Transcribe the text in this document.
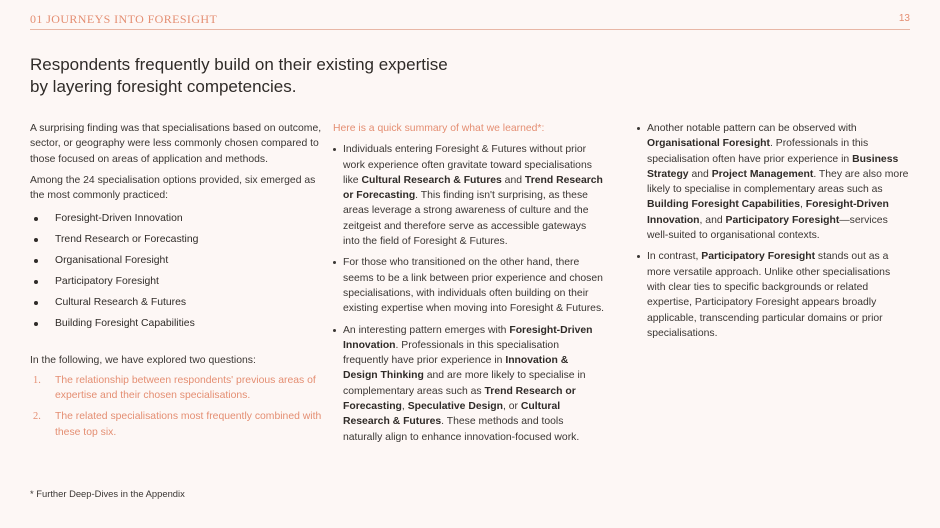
01 JOURNEYS INTO FORESIGHT	13
Respondents frequently build on their existing expertise by layering foresight competencies.

A surprising finding was that specialisations based on outcome, sector, or geography were less commonly chosen compared to those focused on areas of application and methods.

Among the 24 specialisation options provided, six emerged as the most commonly practiced:

Foresight-Driven Innovation
Trend Research or Forecasting
Organisational Foresight
Participatory Foresight
Cultural Research & Futures
Building Foresight Capabilities

In the following, we have explored two questions:

1. The relationship between respondents' previous areas of expertise and their chosen specialisations.
2. The related specialisations most frequently combined with these top six.

Here is a quick summary of what we learned*:

Individuals entering Foresight & Futures without prior work experience often gravitate toward specialisations like Cultural Research & Futures and Trend Research or Forecasting. This finding isn't surprising, as these areas leverage a strong awareness of culture and the zeitgeist and therefore serve as accessible gateways into the field of Foresight & Futures.
For those who transitioned on the other hand, there seems to be a link between prior experience and chosen specialisations, with individuals often building on their existing expertise when moving into Foresight & Futures.
An interesting pattern emerges with Foresight-Driven Innovation. Professionals in this specialisation frequently have prior experience in Innovation & Design Thinking and are more likely to specialise in complementary areas such as Trend Research or Forecasting, Speculative Design, or Cultural Research & Futures. These methods and tools naturally align to enhance innovation-focused work.
Another notable pattern can be observed with Organisational Foresight. Professionals in this specialisation often have prior experience in Business Strategy and Project Management. They are also more likely to specialise in complementary areas such as Building Foresight Capabilities, Foresight-Driven Innovation, and Participatory Foresight—services well-suited to organisational contexts.
In contrast, Participatory Foresight stands out as a more versatile approach. Unlike other specialisations with clear ties to specific backgrounds or related expertise, Participatory Foresight appears broadly applicable, transcending particular domains or prior specialisations.
* Further Deep-Dives in the Appendix
